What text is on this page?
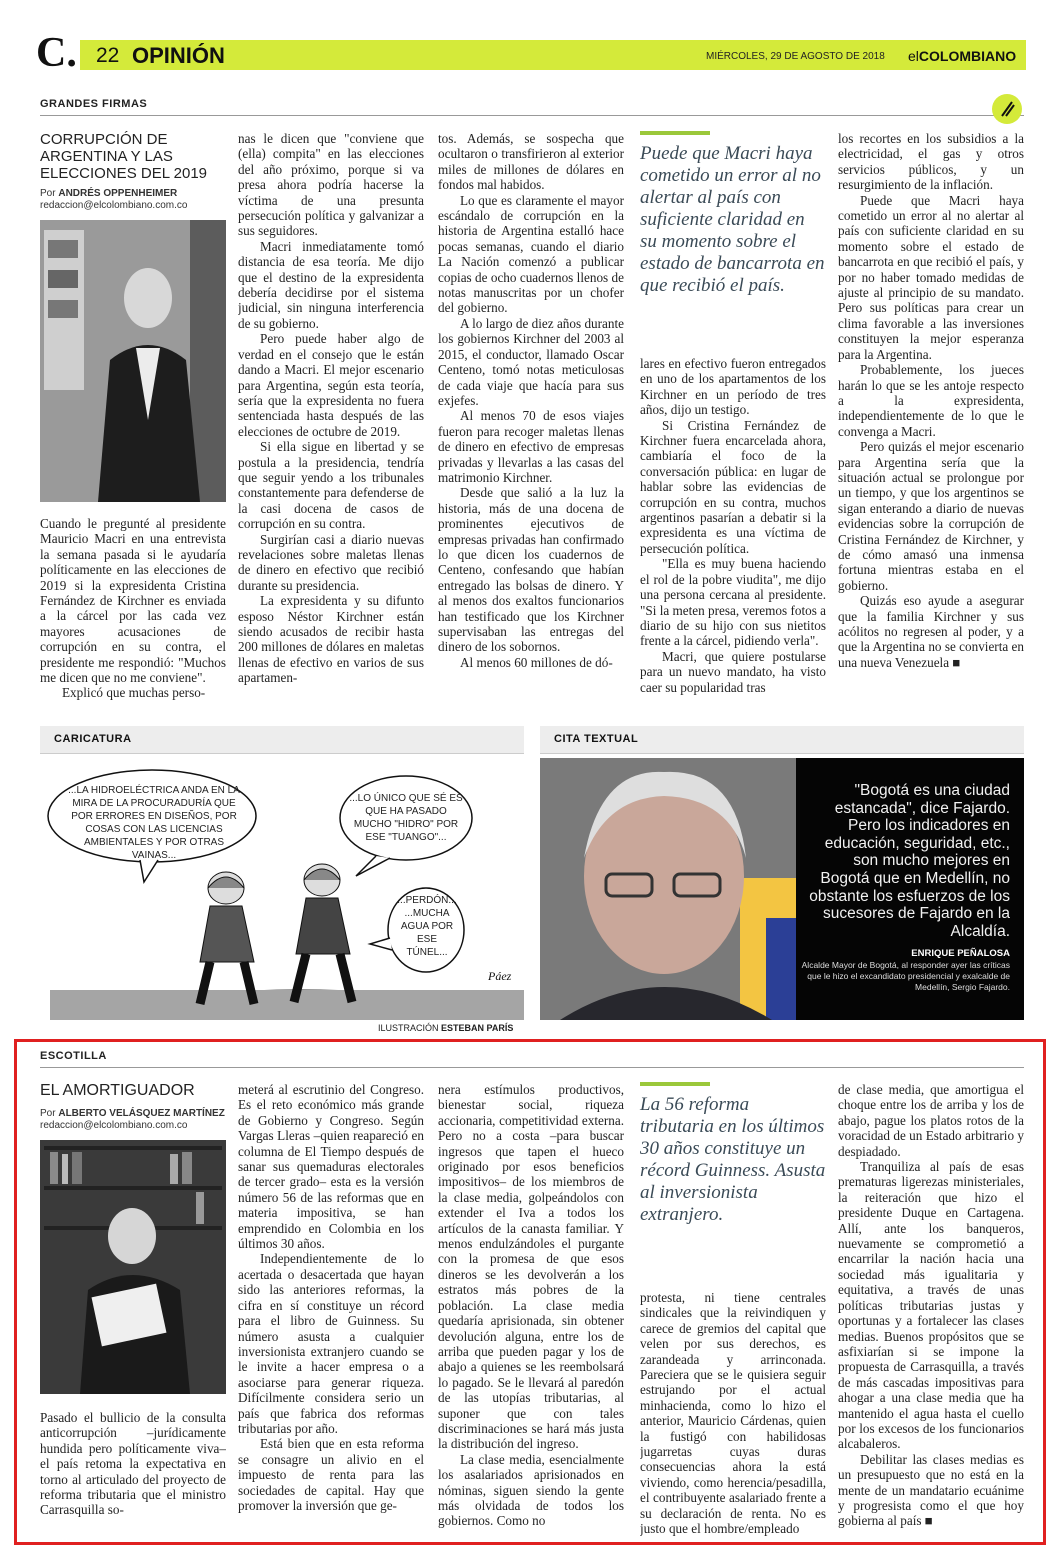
C. 22 OPINIÓN	MIÉRCOLES, 29 DE AGOSTO DE 2018 elCOLOMBIANO
GRANDES FIRMAS
CORRUPCIÓN DE ARGENTINA Y LAS ELECCIONES DEL 2019
Por ANDRÉS OPPENHEIMER
redaccion@elcolombiano.com.co

Cuando le pregunté al presidente Mauricio Macri en una entrevista la semana pasada si le ayudaría políticamente en las elecciones de 2019 si la expresidenta Cristina Fernández de Kirchner es enviada a la cárcel por las cada vez mayores acusaciones de corrupción en su contra, el presidente me respondió: "Muchos me dicen que no me conviene".

Explicó que muchas perso-

nas le dicen que "conviene que (ella) compita" en las elecciones del año próximo, porque si va presa ahora podría hacerse la víctima de una presunta persecución política y galvanizar a sus seguidores.

Macri inmediatamente tomó distancia de esa teoría. Me dijo que el destino de la expresidenta debería decidirse por el sistema judicial, sin ninguna interferencia de su gobierno.

Pero puede haber algo de verdad en el consejo que le están dando a Macri. El mejor escenario para Argentina, según esta teoría, sería que la expresidenta no fuera sentenciada hasta después de las elecciones de octubre de 2019.

Si ella sigue en libertad y se postula a la presidencia, tendría que seguir yendo a los tribunales constantemente para defenderse de la casi docena de casos de corrupción en su contra.

Surgirían casi a diario nuevas revelaciones sobre maletas llenas de dinero en efectivo que recibió durante su presidencia.

La expresidenta y su difunto esposo Néstor Kirchner están siendo acusados de recibir hasta 200 millones de dólares en maletas llenas de efectivo en varios de sus apartamen-

tos. Además, se sospecha que ocultaron o transfirieron al exterior miles de millones de dólares en fondos mal habidos.

Lo que es claramente el mayor escándalo de corrupción en la historia de Argentina estalló hace pocas semanas, cuando el diario La Nación comenzó a publicar copias de ocho cuadernos llenos de notas manuscritas por un chofer del gobierno.

A lo largo de diez años durante los gobiernos Kirchner del 2003 al 2015, el conductor, llamado Oscar Centeno, tomó notas meticulosas de cada viaje que hacía para sus exjefes.

Al menos 70 de esos viajes fueron para recoger maletas llenas de dinero en efectivo de empresas privadas y llevarlas a las casas del matrimonio Kirchner.

Desde que salió a la luz la historia, más de una docena de prominentes ejecutivos de empresas privadas han confirmado lo que dicen los cuadernos de Centeno, confesando que habían entregado las bolsas de dinero. Y al menos dos exaltos funcionarios han testificado que los Kirchner supervisaban las entregas del dinero de los sobornos.

Al menos 60 millones de dó-

Puede que Macri haya cometido un error al no alertar al país con suficiente claridad en su momento sobre el estado de bancarrota en que recibió el país.

lares en efectivo fueron entregados en uno de los apartamentos de los Kirchner en un período de tres años, dijo un testigo.

Si Cristina Fernández de Kirchner fuera encarcelada ahora, cambiaría el foco de la conversación pública: en lugar de hablar sobre las evidencias de corrupción en su contra, muchos argentinos pasarían a debatir si la expresidenta es una víctima de persecución política.

"Ella es muy buena haciendo el rol de la pobre viudita", me dijo una persona cercana al presidente. "Si la meten presa, veremos fotos a diario de su hijo con sus nietitos frente a la cárcel, pidiendo verla".

Macri, que quiere postularse para un nuevo mandato, ha visto caer su popularidad tras

los recortes en los subsidios a la electricidad, el gas y otros servicios públicos, y un resurgimiento de la inflación.

Puede que Macri haya cometido un error al no alertar al país con suficiente claridad en su momento sobre el estado de bancarrota en que recibió el país, y por no haber tomado medidas de ajuste al principio de su mandato. Pero sus políticas para crear un clima favorable a las inversiones constituyen la mejor esperanza para la Argentina.

Probablemente, los jueces harán lo que se les antoje respecto a la expresidenta, independientemente de lo que le convenga a Macri.

Pero quizás el mejor escenario para Argentina sería que la situación actual se prolongue por un tiempo, y que los argentinos se sigan enterando a diario de nuevas evidencias sobre la corrupción de Cristina Fernández de Kirchner, y de cómo amasó una inmensa fortuna mientras estaba en el gobierno.

Quizás eso ayude a asegurar que la familia Kirchner y sus acólitos no regresen al poder, y a que la Argentina no se convierta en una nueva Venezuela ■

CARICATURA
Páez
...LA HIDROELÉCTRICA ANDA EN LA MIRA DE LA PROCURADURÍA QUE POR ERRORES EN DISEÑOS, POR COSAS CON LAS LICENCIAS AMBIENTALES Y POR OTRAS VAINAS...
...LO ÚNICO QUE SÉ ES QUE HA PASADO MUCHO "HIDRO" POR ESE "TUANGO"...
...PERDÓN... ...MUCHA AGUA POR ESE TÚNEL...
ILUSTRACIÓN ESTEBAN PARÍS
CITA TEXTUAL
"Bogotá es una ciudad estancada", dice Fajardo. Pero los indicadores en educación, seguridad, etc., son mucho mejores en Bogotá que en Medellín, no obstante los esfuerzos de los sucesores de Fajardo en la Alcaldía.
ENRIQUE PEÑALOSA
Alcalde Mayor de Bogotá, al responder ayer las críticas que le hizo el excandidato presidencial y exalcalde de Medellín, Sergio Fajardo.
ESCOTILLA
EL AMORTIGUADOR
Por ALBERTO VELÁSQUEZ MARTÍNEZ
redaccion@elcolombiano.com.co

Pasado el bullicio de la consulta anticorrupción –jurídicamente hundida pero políticamente viva– el país retoma la expectativa en torno al articulado del proyecto de reforma tributaria que el ministro Carrasquilla so-

meterá al escrutinio del Congreso. Es el reto económico más grande de Gobierno y Congreso. Según Vargas Lleras –quien reapareció en columna de El Tiempo después de sanar sus quemaduras electorales de tercer grado– esta es la versión número 56 de las reformas que en materia impositiva, se han emprendido en Colombia en los últimos 30 años.

Independientemente de lo acertada o desacertada que hayan sido las anteriores reformas, la cifra en sí constituye un récord para el libro de Guinness. Su número asusta a cualquier inversionista extranjero cuando se le invite a hacer empresa o a asociarse para generar riqueza. Difícilmente considera serio un país que fabrica dos reformas tributarias por año.

Está bien que en esta reforma se consagre un alivio en el impuesto de renta para las sociedades de capital. Hay que promover la inversión que ge-

nera estímulos productivos, bienestar social, riqueza accionaria, competitividad externa. Pero no a costa –para buscar ingresos que tapen el hueco originado por esos beneficios impositivos– de los miembros de la clase media, golpeándolos con extender el Iva a todos los artículos de la canasta familiar. Y menos endulzándoles el purgante con la promesa de que esos dineros se les devolverán a los estratos más pobres de la población. La clase media quedaría aprisionada, sin obtener devolución alguna, entre los de arriba que pueden pagar y los de abajo a quienes se les reembolsará lo pagado. Se le llevará al paredón de las utopías tributarias, al suponer que con tales discriminaciones se hará más justa la distribución del ingreso.

La clase media, esencialmente los asalariados aprisionados en nóminas, siguen siendo la gente más olvidada de todos los gobiernos. Como no

La 56 reforma tributaria en los últimos 30 años constituye un récord Guinness. Asusta al inversionista extranjero.

protesta, ni tiene centrales sindicales que la reivindiquen y carece de gremios del capital que velen por sus derechos, es zarandeada y arrinconada. Pareciera que se le quisiera seguir estrujando por el actual minhacienda, como lo hizo el anterior, Mauricio Cárdenas, quien la fustigó con habilidosas jugarretas cuyas duras consecuencias ahora la está viviendo, como herencia/pesadilla, el contribuyente asalariado frente a su declaración de renta. No es justo que el hombre/empleado

de clase media, que amortigua el choque entre los de arriba y los de abajo, pague los platos rotos de la voracidad de un Estado arbitrario y despiadado.

Tranquiliza al país de esas prematuras ligerezas ministeriales, la reiteración que hizo el presidente Duque en Cartagena. Allí, ante los banqueros, nuevamente se comprometió a encarrilar la nación hacia una sociedad más igualitaria y equitativa, a través de unas políticas tributarias justas y oportunas y a fortalecer las clases medias. Buenos propósitos que se asfixiarían si se impone la propuesta de Carrasquilla, a través de más cascadas impositivas para ahogar a una clase media que ha mantenido el agua hasta el cuello por los excesos de los funcionarios alcabaleros.

Debilitar las clases medias es un presupuesto que no está en la mente de un mandatario ecuánime y progresista como el que hoy gobierna al país ■
